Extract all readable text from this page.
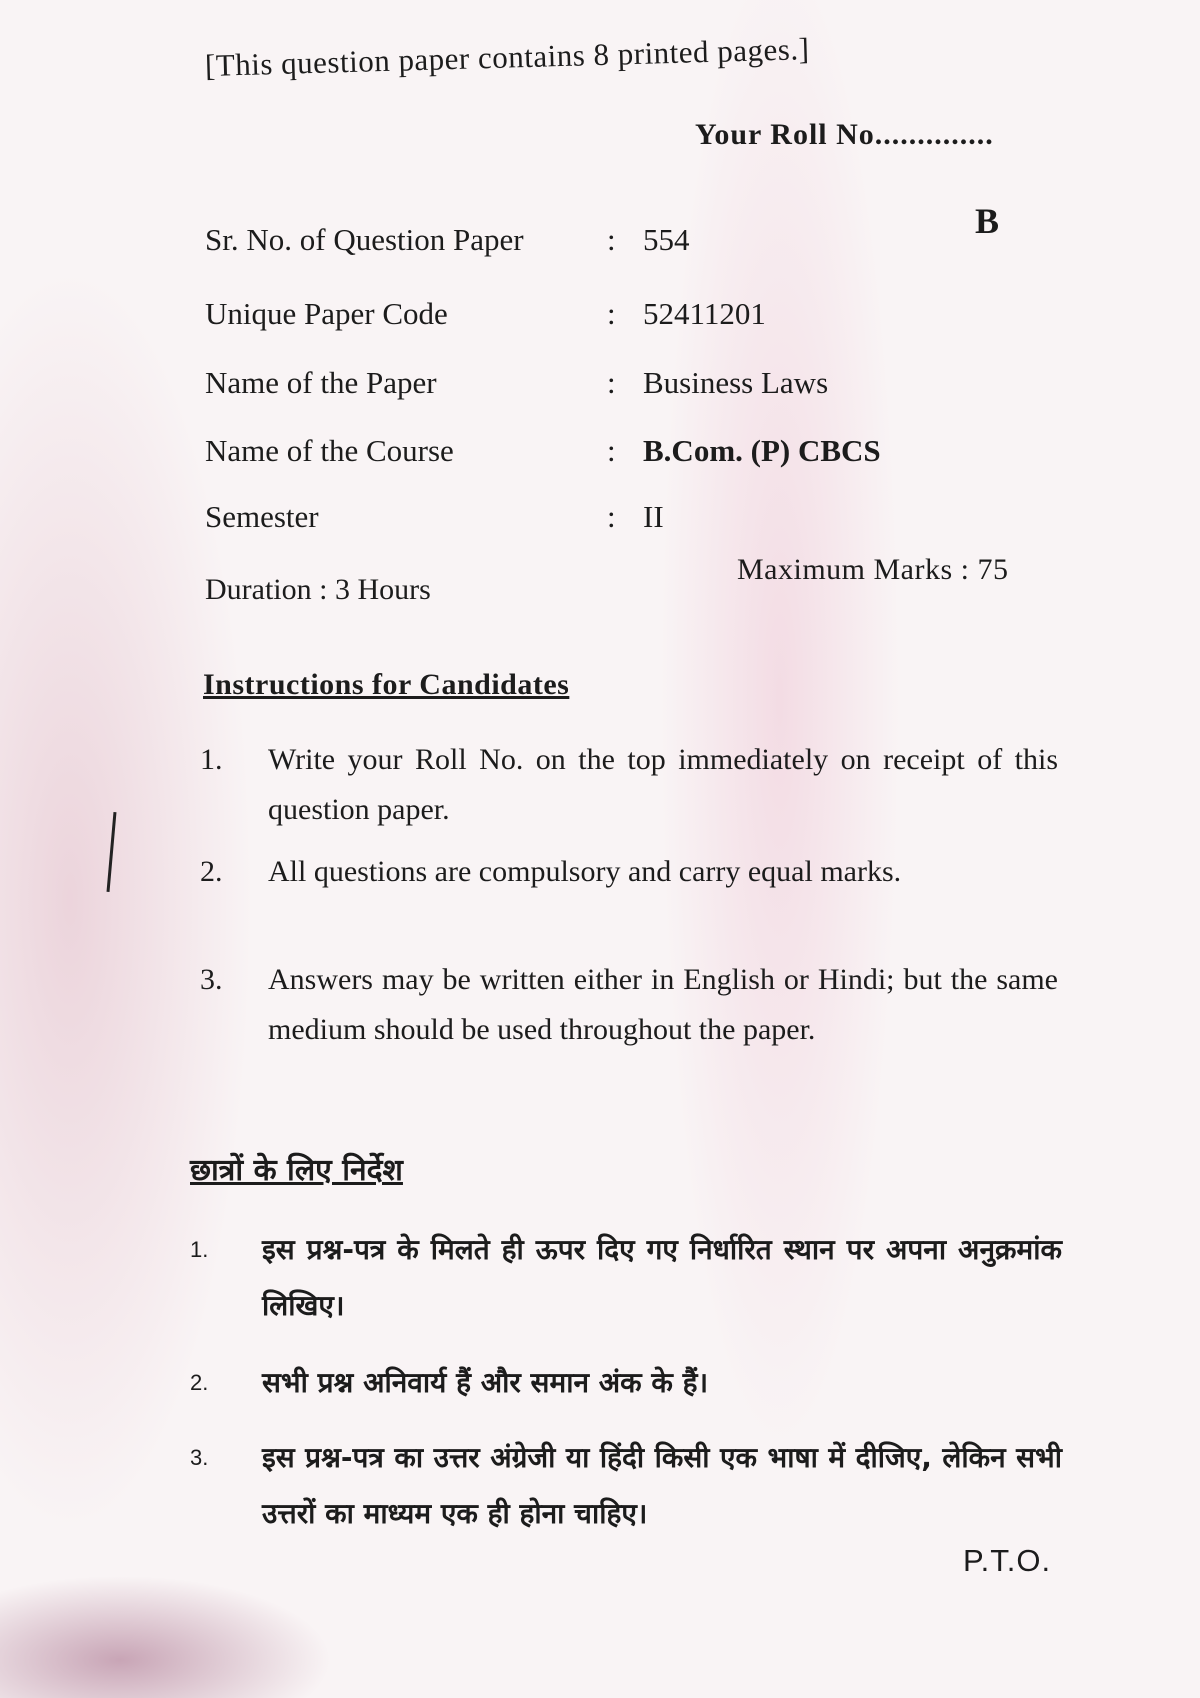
[This question paper contains 8 printed pages.]
Your Roll No..............
B
Sr. No. of Question Paper	: 554
Unique Paper Code	: 52411201
Name of the Paper	: Business Laws
Name of the Course	: B.Com. (P) CBCS
Semester	: II
Maximum Marks : 75
Duration : 3 Hours
Instructions for Candidates
1.	Write your Roll No. on the top immediately on receipt of this question paper.
2.	All questions are compulsory and carry equal marks.
3.	Answers may be written either in English or Hindi; but the same medium should be used throughout the paper.
छात्रों के लिए निर्देश
1.	इस प्रश्न-पत्र के मिलते ही ऊपर दिए गए निर्धारित स्थान पर अपना अनुक्रमांक लिखिए।
2.	सभी प्रश्न अनिवार्य हैं और समान अंक के हैं।
3.	इस प्रश्न-पत्र का उत्तर अंग्रेजी या हिंदी किसी एक भाषा में दीजिए, लेकिन सभी उत्तरों का माध्यम एक ही होना चाहिए।
P.T.O.
